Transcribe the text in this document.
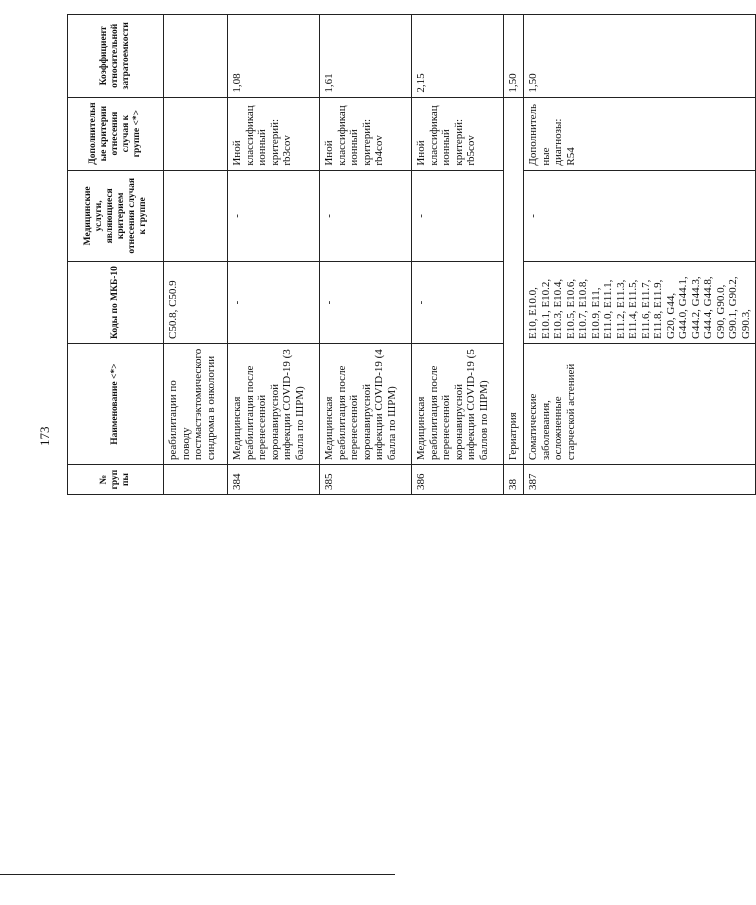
173
№ груп пы	Наименование <*>	Коды по МКБ-10	Медицинские услуги, являющиеся критерием отнесения случая к группе	Дополнительн ые критерии отнесения случая к группе <*>	Коэффициент относительной затратоемкости
	реабилитации по поводу постмастэктомического синдрома в онкологии	C50.8, C50.9			
384	Медицинская реабилитация после перенесенной коронавирусной инфекции COVID-19 (3 балла по ШРМ)	-	-	Иной классификац ионный критерий: rb3cov	1,08
385	Медицинская реабилитация после перенесенной коронавирусной инфекции COVID-19 (4 балла по ШРМ)	-	-	Иной классификац ионный критерий: rb4cov	1,61
386	Медицинская реабилитация после перенесенной коронавирусной инфекции COVID-19 (5 баллов по ШРМ)	-	-	Иной классификац ионный критерий: rb5cov	2,15
38	Гериатрия				1,50
387	Соматические заболевания, осложненные старческой астенией	E10, E10.0, E10.1, E10.2, E10.3, E10.4, E10.5, E10.6, E10.7, E10.8, E10.9, E11, E11.0, E11.1, E11.2, E11.3, E11.4, E11.5, E11.6, E11.7, E11.8, E11.9, G20, G44, G44.0, G44.1, G44.2, G44.3, G44.4, G44.8, G90, G90.0, G90.1, G90.2, G90.3,	-	Дополнитель ные диагнозы: R54	1,50
